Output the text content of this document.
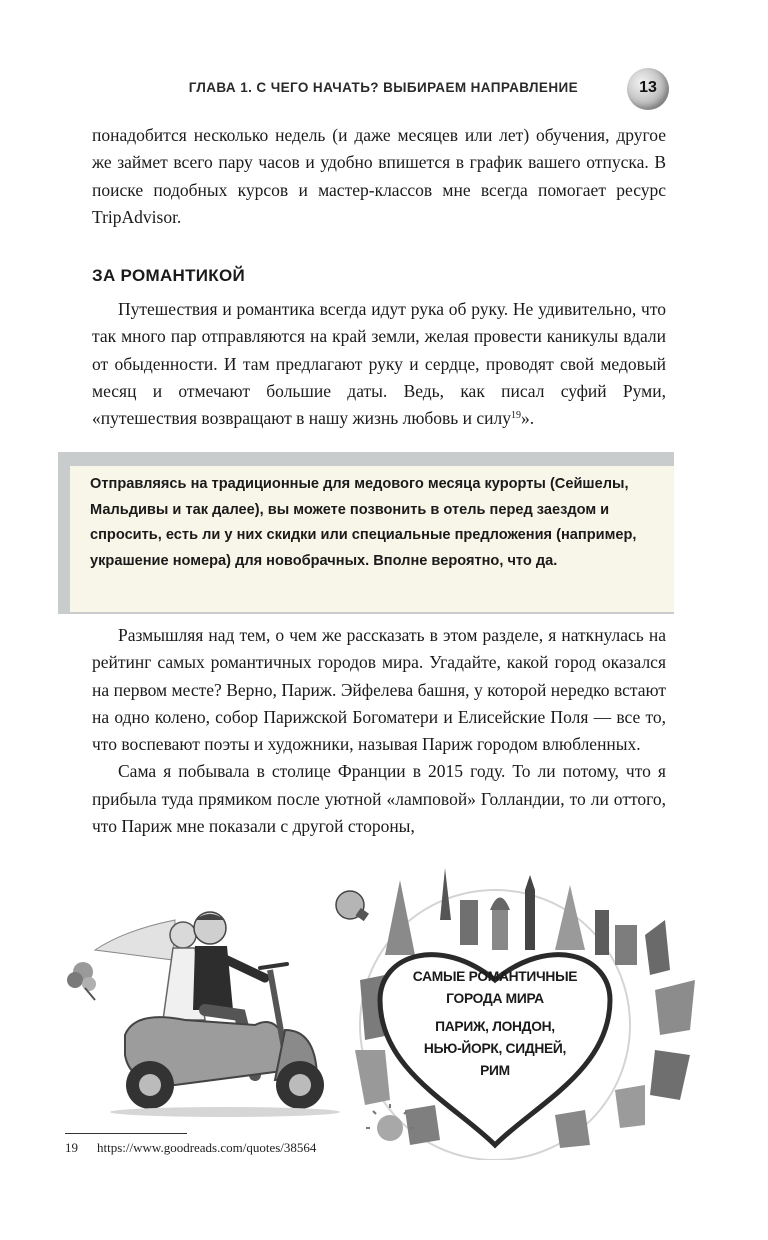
ГЛАВА 1. С ЧЕГО НАЧАТЬ? ВЫБИРАЕМ НАПРАВЛЕНИЕ	13

понадобится несколько недель (и даже месяцев или лет) обучения, другое же займет всего пару часов и удобно впишется в график вашего отпуска. В поиске подобных курсов и мастер-классов мне всегда помогает ресурс TripAdvisor.

ЗА РОМАНТИКОЙ

Путешествия и романтика всегда идут рука об руку. Не удивительно, что так много пар отправляются на край земли, желая провести каникулы вдали от обыденности. И там предлагают руку и сердце, проводят свой медовый месяц и отмечают большие даты. Ведь, как писал суфий Руми, «путешествия возвращают в нашу жизнь любовь и силу$^{19}$».

Отправляясь на традиционные для медового месяца курорты (Сейшелы, Мальдивы и так далее), вы можете позвонить в отель перед заездом и спросить, есть ли у них скидки или специальные предложения (например, украшение номера) для новобрачных. Вполне вероятно, что да.

Размышляя над тем, о чем же рассказать в этом разделе, я наткнулась на рейтинг самых романтичных городов мира. Угадайте, какой город оказался на первом месте? Верно, Париж. Эйфелева башня, у которой нередко встают на одно колено, собор Парижской Богоматери и Елисейские Поля — все то, что воспевают поэты и художники, называя Париж городом влюбленных.

Сама я побывала в столице Франции в 2015 году. То ли потому, что я прибыла туда прямиком после уютной «ламповой» Голландии, то ли оттого, что Париж мне показали с другой стороны,

САМЫЕ РОМАНТИЧНЫЕ
ГОРОДА МИРА
ПАРИЖ, ЛОНДОН,
НЬЮ-ЙОРК, СИДНЕЙ,
РИМ
19 https://www.goodreads.com/quotes/38564
